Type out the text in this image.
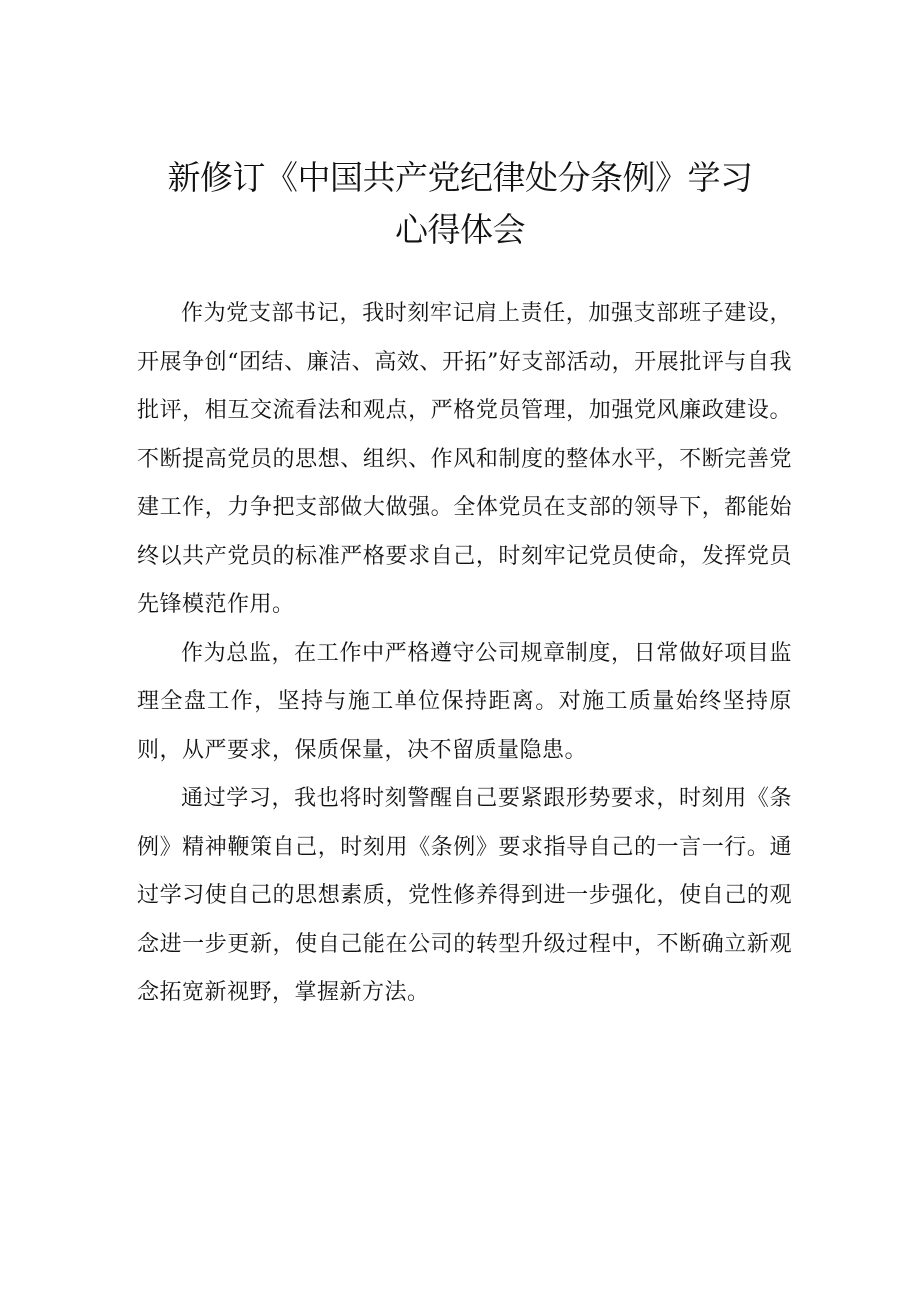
新修订《中国共产党纪律处分条例》学习
心得体会

作为党支部书记，我时刻牢记肩上责任，加强支部班子建设，开展争创“团结、廉洁、高效、开拓”好支部活动，开展批评与自我批评，相互交流看法和观点，严格党员管理，加强党风廉政建设。不断提高党员的思想、组织、作风和制度的整体水平，不断完善党建工作，力争把支部做大做强。全体党员在支部的领导下，都能始终以共产党员的标准严格要求自己，时刻牢记党员使命，发挥党员先锋模范作用。

作为总监，在工作中严格遵守公司规章制度，日常做好项目监理全盘工作，坚持与施工单位保持距离。对施工质量始终坚持原则，从严要求，保质保量，决不留质量隐患。

通过学习，我也将时刻警醒自己要紧跟形势要求，时刻用《条例》精神鞭策自己，时刻用《条例》要求指导自己的一言一行。通过学习使自己的思想素质，党性修养得到进一步强化，使自己的观念进一步更新，使自己能在公司的转型升级过程中，不断确立新观念拓宽新视野，掌握新方法。
